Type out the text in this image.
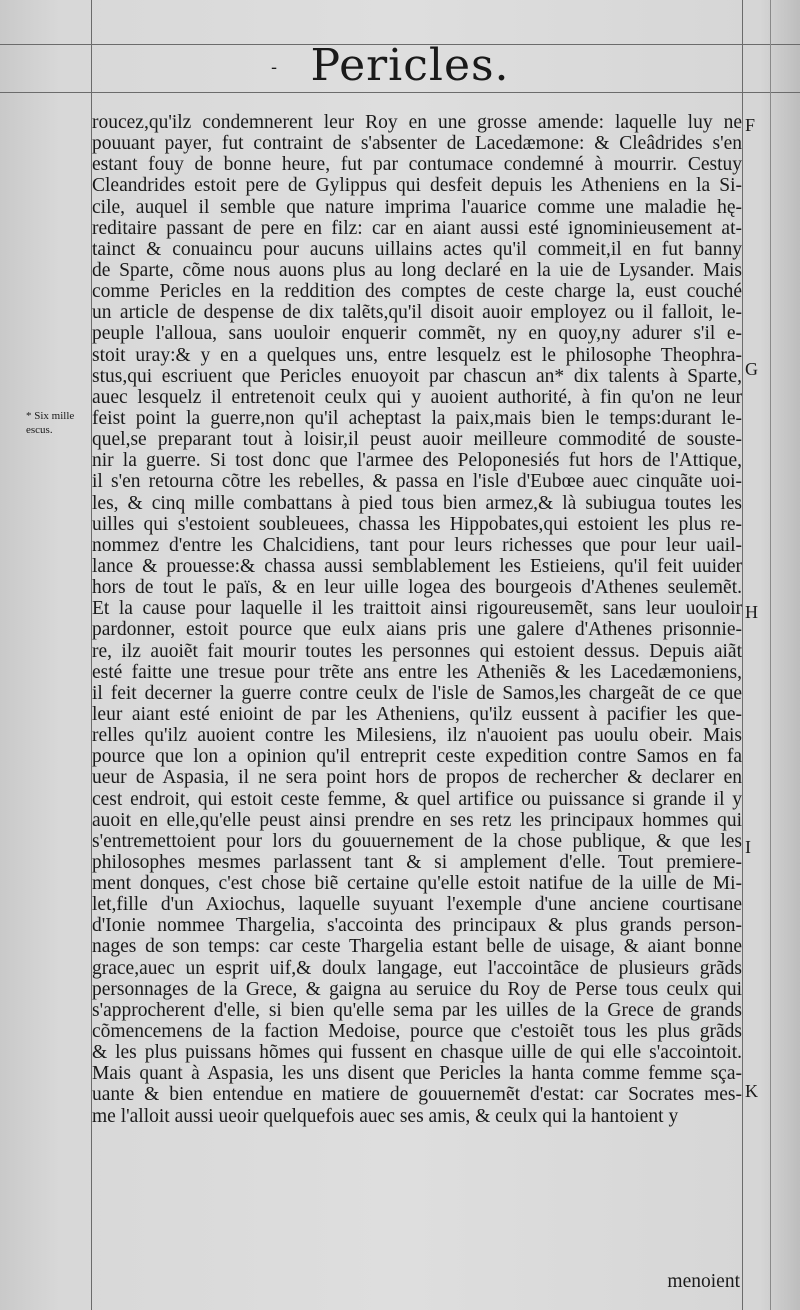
- Pericles.
* Six mille escus.
F
G
H
I
K
roucez,qu'ilz condemnerent leur Roy en une grosse amende: laquelle luy ne
pouuant payer, fut contraint de s'absenter de Lacedæmone: & Cleâdrides s'en
estant fouy de bonne heure, fut par contumace condemné à mourrir. Cestuy
Cleandrides estoit pere de Gylippus qui desfeit depuis les Atheniens en la Si-
cile, auquel il semble que nature imprima l'auarice comme une maladie hę-
reditaire passant de pere en filz: car en aiant aussi esté ignominieusement at-
tainct & conuaincu pour aucuns uillains actes qu'il commeit,il en fut banny
de Sparte, cõme nous auons plus au long declaré en la uie de Lysander. Mais
comme Pericles en la reddition des comptes de ceste charge la, eust couché
un article de despense de dix talẽts,qu'il disoit auoir employez ou il falloit, le-
peuple l'alloua, sans uouloir enquerir commẽt, ny en quoy,ny adurer s'il e-
stoit uray:& y en a quelques uns, entre lesquelz est le philosophe Theophra-
stus,qui escriuent que Pericles enuoyoit par chascun an* dix talents à Sparte,
auec lesquelz il entretenoit ceulx qui y auoient authorité, à fin qu'on ne leur
feist point la guerre,non qu'il acheptast la paix,mais bien le temps:durant le-
quel,se preparant tout à loisir,il peust auoir meilleure commodité de souste-
nir la guerre. Si tost donc que l'armee des Peloponesiés fut hors de l'Attique,
il s'en retourna cõtre les rebelles, & passa en l'isle d'Eubœe auec cinquãte uoi-
les, & cinq mille combattans à pied tous bien armez,& là subiugua toutes les
uilles qui s'estoient soubleuees, chassa les Hippobates,qui estoient les plus re-
nommez d'entre les Chalcidiens, tant pour leurs richesses que pour leur uail-
lance & prouesse:& chassa aussi semblablement les Estieiens, qu'il feit uuider
hors de tout le païs, & en leur uille logea des bourgeois d'Athenes seulemẽt.
Et la cause pour laquelle il les traittoit ainsi rigoureusemẽt, sans leur uouloir
pardonner, estoit pource que eulx aians pris une galere d'Athenes prisonnie-
re, ilz auoiẽt fait mourir toutes les personnes qui estoient dessus. Depuis aiãt
esté faitte une tresue pour trẽte ans entre les Atheniẽs & les Lacedæmoniens,
il feit decerner la guerre contre ceulx de l'isle de Samos,les chargeãt de ce que
leur aiant esté enioint de par les Atheniens, qu'ilz eussent à pacifier les que-
relles qu'ilz auoient contre les Milesiens, ilz n'auoient pas uoulu obeir. Mais
pource que lon a opinion qu'il entreprit ceste expedition contre Samos en fa
ueur de Aspasia, il ne sera point hors de propos de rechercher & declarer en
cest endroit, qui estoit ceste femme, & quel artifice ou puissance si grande il y
auoit en elle,qu'elle peust ainsi prendre en ses retz les principaux hommes qui
s'entremettoient pour lors du gouuernement de la chose publique, & que les
philosophes mesmes parlassent tant & si amplement d'elle. Tout premiere-
ment donques, c'est chose biẽ certaine qu'elle estoit natifue de la uille de Mi-
let,fille d'un Axiochus, laquelle suyuant l'exemple d'une anciene courtisane
d'Ionie nommee Thargelia, s'accointa des principaux & plus grands person-
nages de son temps: car ceste Thargelia estant belle de uisage, & aiant bonne
grace,auec un esprit uif,& doulx langage, eut l'accointãce de plusieurs grãds
personnages de la Grece, & gaigna au seruice du Roy de Perse tous ceulx qui
s'approcherent d'elle, si bien qu'elle sema par les uilles de la Grece de grands
cõmencemens de la faction Medoise, pource que c'estoiẽt tous les plus grãds
& les plus puissans hõmes qui fussent en chasque uille de qui elle s'accointoit.
Mais quant à Aspasia, les uns disent que Pericles la hanta comme femme sça-
uante & bien entendue en matiere de gouuernemẽt d'estat: car Socrates mes-
me l'alloit aussi ueoir quelquefois auec ses amis, & ceulx qui la hantoient y
menoient
